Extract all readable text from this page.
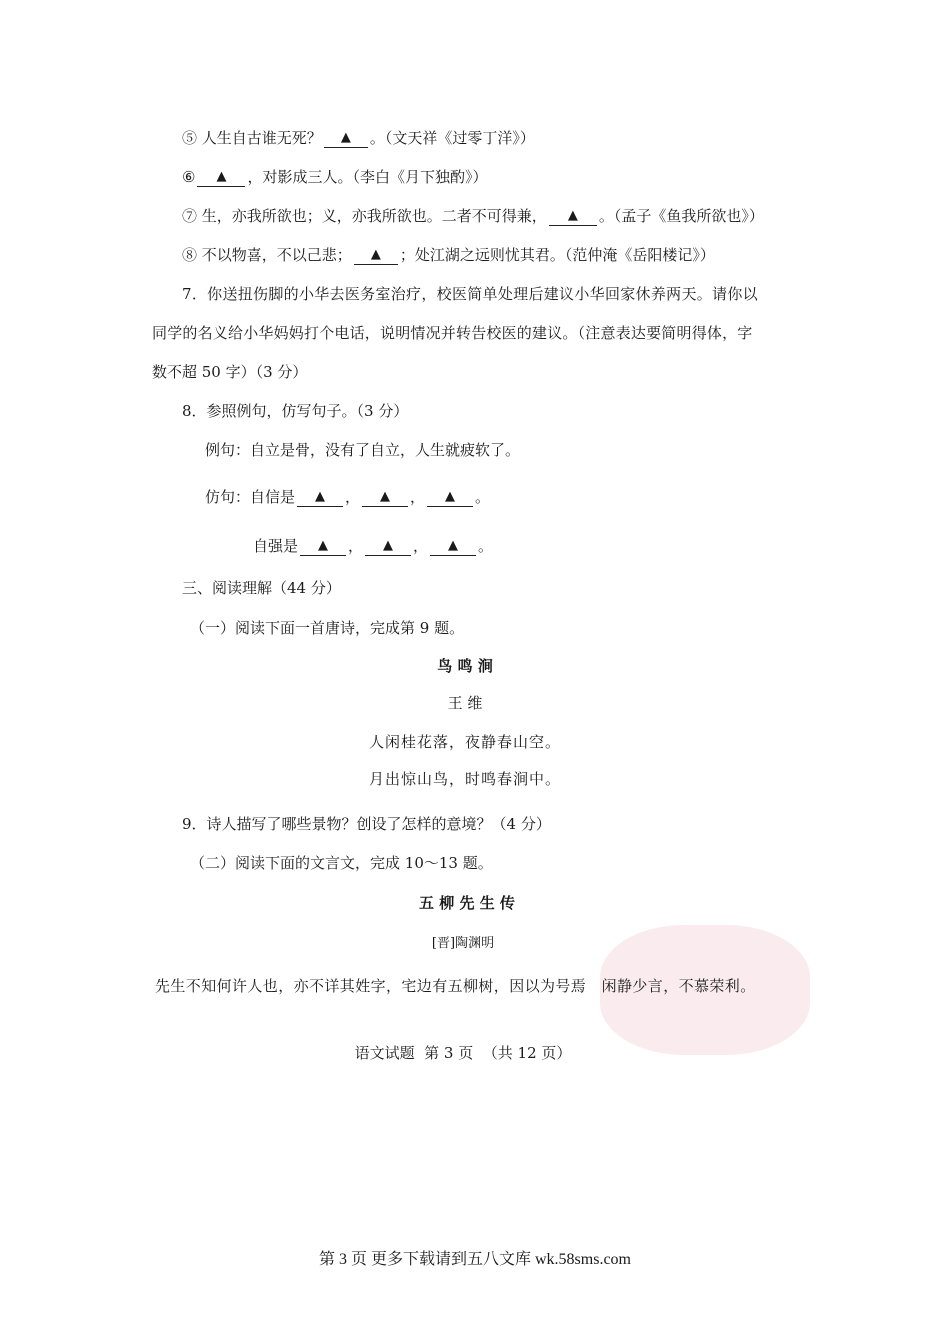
⑤ 人生自古谁无死？ ▲ 。（文天祥《过零丁洋》）
⑥ ▲ ，对影成三人。（李白《月下独酌》）
⑦ 生，亦我所欲也；义，亦我所欲也。二者不可得兼， ▲ 。（孟子《鱼我所欲也》）
⑧ 不以物喜，不以己悲； ▲ ；处江湖之远则忧其君。（范仲淹《岳阳楼记》）
7．你送扭伤脚的小华去医务室治疗，校医简单处理后建议小华回家休养两天。请你以
同学的名义给小华妈妈打个电话，说明情况并转告校医的建议。（注意表达要简明得体，字
数不超 50 字）（3 分）
8．参照例句，仿写句子。（3 分）
例句：自立是骨，没有了自立，人生就疲软了。
仿句：自信是 ▲ ， ▲ ， ▲ 。
自强是 ▲ ， ▲ ， ▲ 。
三、阅读理解（44 分）
（一）阅读下面一首唐诗，完成第 9 题。
鸟 鸣 涧
王 维
人闲桂花落，夜静春山空。
月出惊山鸟，时鸣春涧中。
9．诗人描写了哪些景物？创设了怎样的意境？（4 分）
（二）阅读下面的文言文，完成 10～13 题。
五 柳 先 生 传
[晋]陶渊明
先生不知何许人也，亦不详其姓字，宅边有五柳树，因以为号焉　闲静少言，不慕荣利。
语文试题  第 3 页  （共 12 页）
第 3 页 更多下载请到五八文库 wk.58sms.com
